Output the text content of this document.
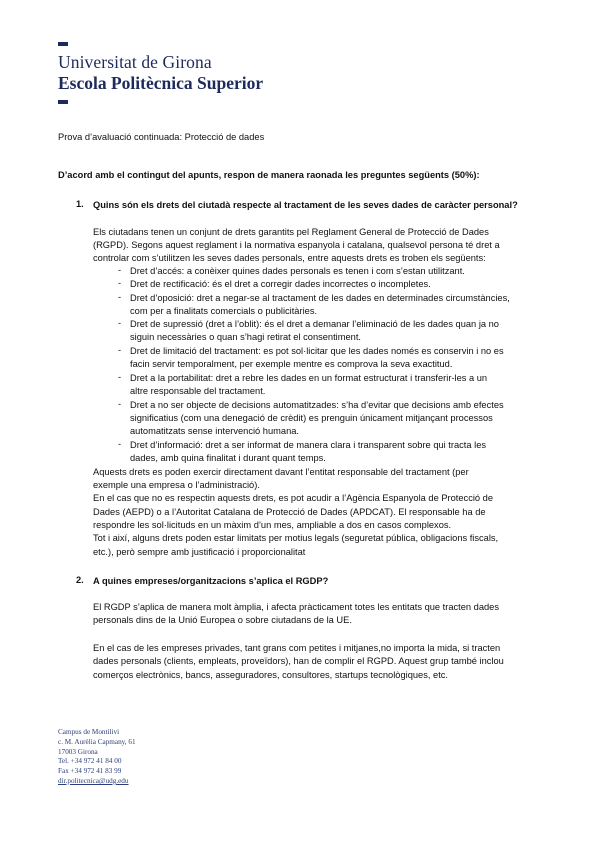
Universitat de Girona
Escola Politècnica Superior
Prova d’avaluació continuada: Protecció de dades
D’acord amb el contingut del apunts, respon de manera raonada les preguntes següents (50%):
1. Quins són els drets del ciutadà respecte al tractament de les seves dades de caràcter personal?
Els ciutadans tenen un conjunt de drets garantits pel Reglament General de Protecció de Dades
(RGPD). Segons aquest reglament i la normativa espanyola i catalana, qualsevol persona té dret a
controlar com s’utilitzen les seves dades personals, entre aquests drets es troben els següents:
- Dret d’accés: a conèixer quines dades personals es tenen i com s’estan utilitzant.
- Dret de rectificació: és el dret a corregir dades incorrectes o incompletes.
- Dret d’oposició: dret a negar-se al tractament de les dades en determinades circumstàncies,
com per a finalitats comercials o publicitàries.
- Dret de supressió (dret a l’oblit): és el dret a demanar l’eliminació de les dades quan ja no
siguin necessàries o quan s’hagi retirat el consentiment.
- Dret de limitació del tractament: es pot sol·licitar que les dades només es conservin i no es
facin servir temporalment, per exemple mentre es comprova la seva exactitud.
- Dret a la portabilitat: dret a rebre les dades en un format estructurat i transferir-les a un
altre responsable del tractament.
- Dret a no ser objecte de decisions automatitzades: s’ha d’evitar que decisions amb efectes
significatius (com una denegació de crèdit) es prenguin únicament mitjançant processos
automatitzats sense intervenció humana.
- Dret d’informació: dret a ser informat de manera clara i transparent sobre qui tracta les
dades, amb quina finalitat i durant quant temps.
Aquests drets es poden exercir directament davant l’entitat responsable del tractament (per
exemple una empresa o l’administració).
En el cas que no es respectin aquests drets, es pot acudir a l’Agència Espanyola de Protecció de
Dades (AEPD) o a l’Autoritat Catalana de Protecció de Dades (APDCAT). El responsable ha de
respondre les sol·licituds en un màxim d’un mes, ampliable a dos en casos complexos.
Tot i així, alguns drets poden estar limitats per motius legals (seguretat pública, obligacions fiscals,
etc.), però sempre amb justificació i proporcionalitat
2. A quines empreses/organitzacions s’aplica el RGDP?
El RGDP s’aplica de manera molt àmplia, i afecta pràcticament totes les entitats que tracten dades
personals dins de la Unió Europea o sobre ciutadans de la UE.
En el cas de les empreses privades, tant grans com petites i mitjanes,no importa la mida, si tracten
dades personals (clients, empleats, proveïdors), han de complir el RGPD. Aquest grup també inclou
comerços electrònics, bancs, asseguradores, consultores, startups tecnològiques, etc.
Campus de Montilivi
c. M. Aurèlia Capmany, 61
17003 Girona
Tel. +34 972 41 84 00
Fax +34 972 41 83 99
dir.politecnica@udg.edu
